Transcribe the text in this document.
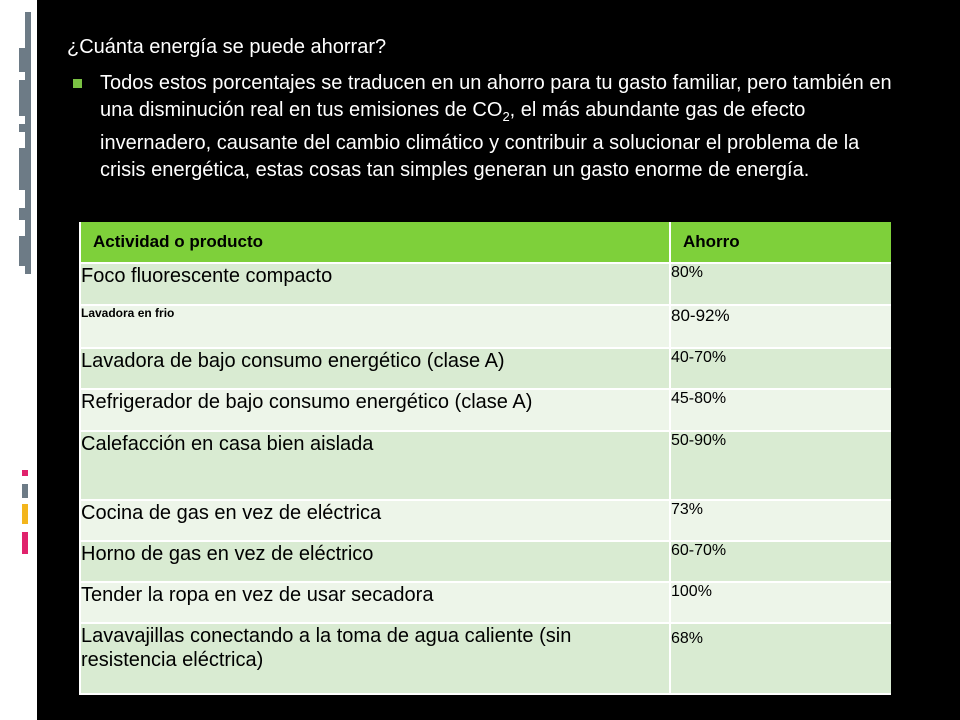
¿Cuánta energía se puede ahorrar?
Todos estos porcentajes se traducen en un ahorro para tu gasto familiar, pero también en una disminución real en tus emisiones de $CO_2$, el más abundante gas de efecto invernadero, causante del cambio climático y contribuir a solucionar el problema de la crisis energética, estas cosas tan simples generan un gasto enorme de energía.
Actividad o producto	Ahorro
Foco fluorescente compacto	80%
Lavadora en frio	80-92%
Lavadora de bajo consumo energético (clase A)	40-70%
Refrigerador de bajo consumo energético (clase A)	45-80%
Calefacción en casa bien aislada	50-90%
Cocina de gas en vez de eléctrica	73%
Horno de gas en vez de eléctrico	60-70%
Tender la ropa en vez de usar secadora	100%
Lavavajillas conectando a la toma de agua caliente (sin resistencia eléctrica)	68%
